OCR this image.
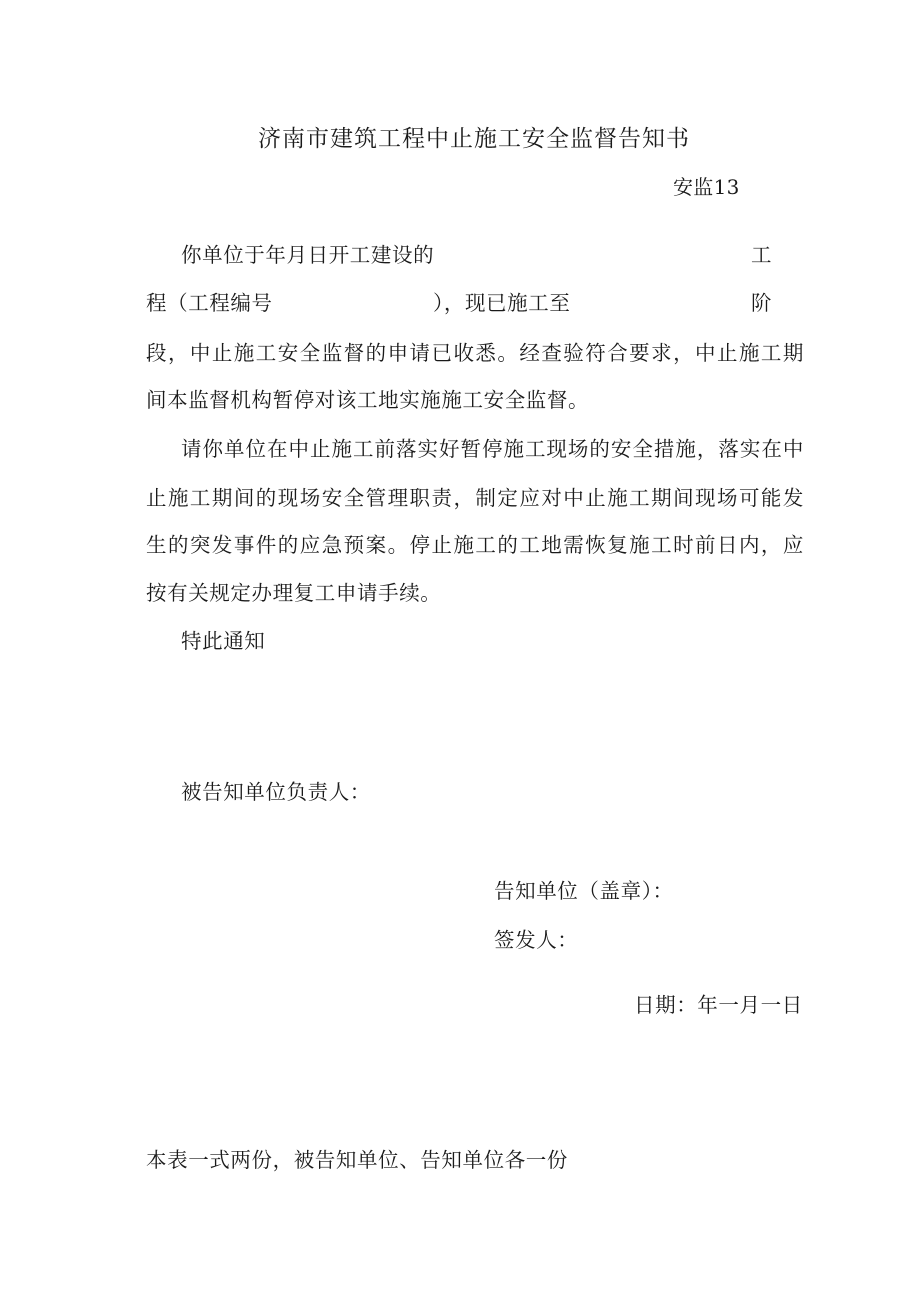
济南市建筑工程中止施工安全监督告知书
安监13
你单位于年月日开工建设的	工
程（工程编号	），现已施工至	阶
段，中止施工安全监督的申请已收悉。经查验符合要求，中止施工期
间本监督机构暂停对该工地实施施工安全监督。
请你单位在中止施工前落实好暂停施工现场的安全措施，落实在中
止施工期间的现场安全管理职责，制定应对中止施工期间现场可能发
生的突发事件的应急预案。停止施工的工地需恢复施工时前日内，应
按有关规定办理复工申请手续。
特此通知
被告知单位负责人：
告知单位（盖章）：
签发人：
日期：年一月一日
本表一式两份，被告知单位、告知单位各一份
